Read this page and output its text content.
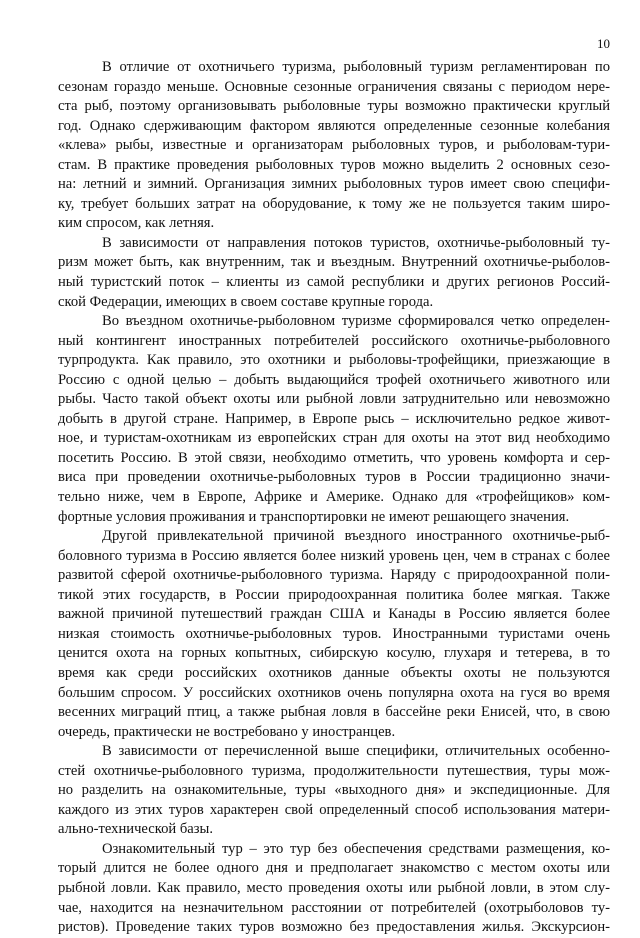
10
В отличие от охотничьего туризма, рыболовный туризм регламентирован по
сезонам гораздо меньше. Основные сезонные ограничения связаны с периодом нере-
ста рыб, поэтому организовывать рыболовные туры возможно практически круглый
год. Однако сдерживающим фактором являются определенные сезонные колебания
«клева» рыбы, известные и организаторам рыболовных туров, и рыболовам-тури-
стам. В практике проведения рыболовных туров можно выделить 2 основных сезо-
на: летний и зимний. Организация зимних рыболовных туров имеет свою специфи-
ку, требует больших затрат на оборудование, к тому же не пользуется таким широ-
ким спросом, как летняя.
В зависимости от направления потоков туристов, охотничье-рыболовный ту-
ризм может быть, как внутренним, так и въездным. Внутренний охотничье-рыболов-
ный туристский поток – клиенты из самой республики и других регионов Россий-
ской Федерации, имеющих в своем составе крупные города.
Во въездном охотничье-рыболовном туризме сформировался четко определен-
ный контингент иностранных потребителей российского охотничье-рыболовного
турпродукта. Как правило, это охотники и рыболовы-трофейщики, приезжающие в
Россию с одной целью – добыть выдающийся трофей охотничьего животного или
рыбы. Часто такой объект охоты или рыбной ловли затруднительно или невозможно
добыть в другой стране. Например, в Европе рысь – исключительно редкое живот-
ное, и туристам-охотникам из европейских стран для охоты на этот вид необходимо
посетить Россию. В этой связи, необходимо отметить, что уровень комфорта и сер-
виса при проведении охотничье-рыболовных туров в России традиционно значи-
тельно ниже, чем в Европе, Африке и Америке. Однако для «трофейщиков» ком-
фортные условия проживания и транспортировки не имеют решающего значения.
Другой привлекательной причиной въездного иностранного охотничье-рыб-
боловного туризма в Россию является более низкий уровень цен, чем в странах с более
развитой сферой охотничье-рыболовного туризма. Наряду с природоохранной поли-
тикой этих государств, в России природоохранная политика более мягкая. Также
важной причиной путешествий граждан США и Канады в Россию является более
низкая стоимость охотничье-рыболовных туров. Иностранными туристами очень
ценится охота на горных копытных, сибирскую косулю, глухаря и тетерева, в то
время как среди российских охотников данные объекты охоты не пользуются
большим спросом. У российских охотников очень популярна охота на гуся во время
весенних миграций птиц, а также рыбная ловля в бассейне реки Енисей, что, в свою
очередь, практически не востребовано у иностранцев.
В зависимости от перечисленной выше специфики, отличительных особенно-
стей охотничье-рыболовного туризма, продолжительности путешествия, туры мож-
но разделить на ознакомительные, туры «выходного дня» и экспедиционные. Для
каждого из этих туров характерен свой определенный способ использования матери-
ально-технической базы.
Ознакомительный тур – это тур без обеспечения средствами размещения, ко-
торый длится не более одного дня и предполагает знакомство с местом охоты или
рыбной ловли. Как правило, место проведения охоты или рыбной ловли, в этом слу-
чае, находится на незначительном расстоянии от потребителей (охотрыболовов ту-
ристов). Проведение таких туров возможно без предоставления жилья. Экскурсион-
